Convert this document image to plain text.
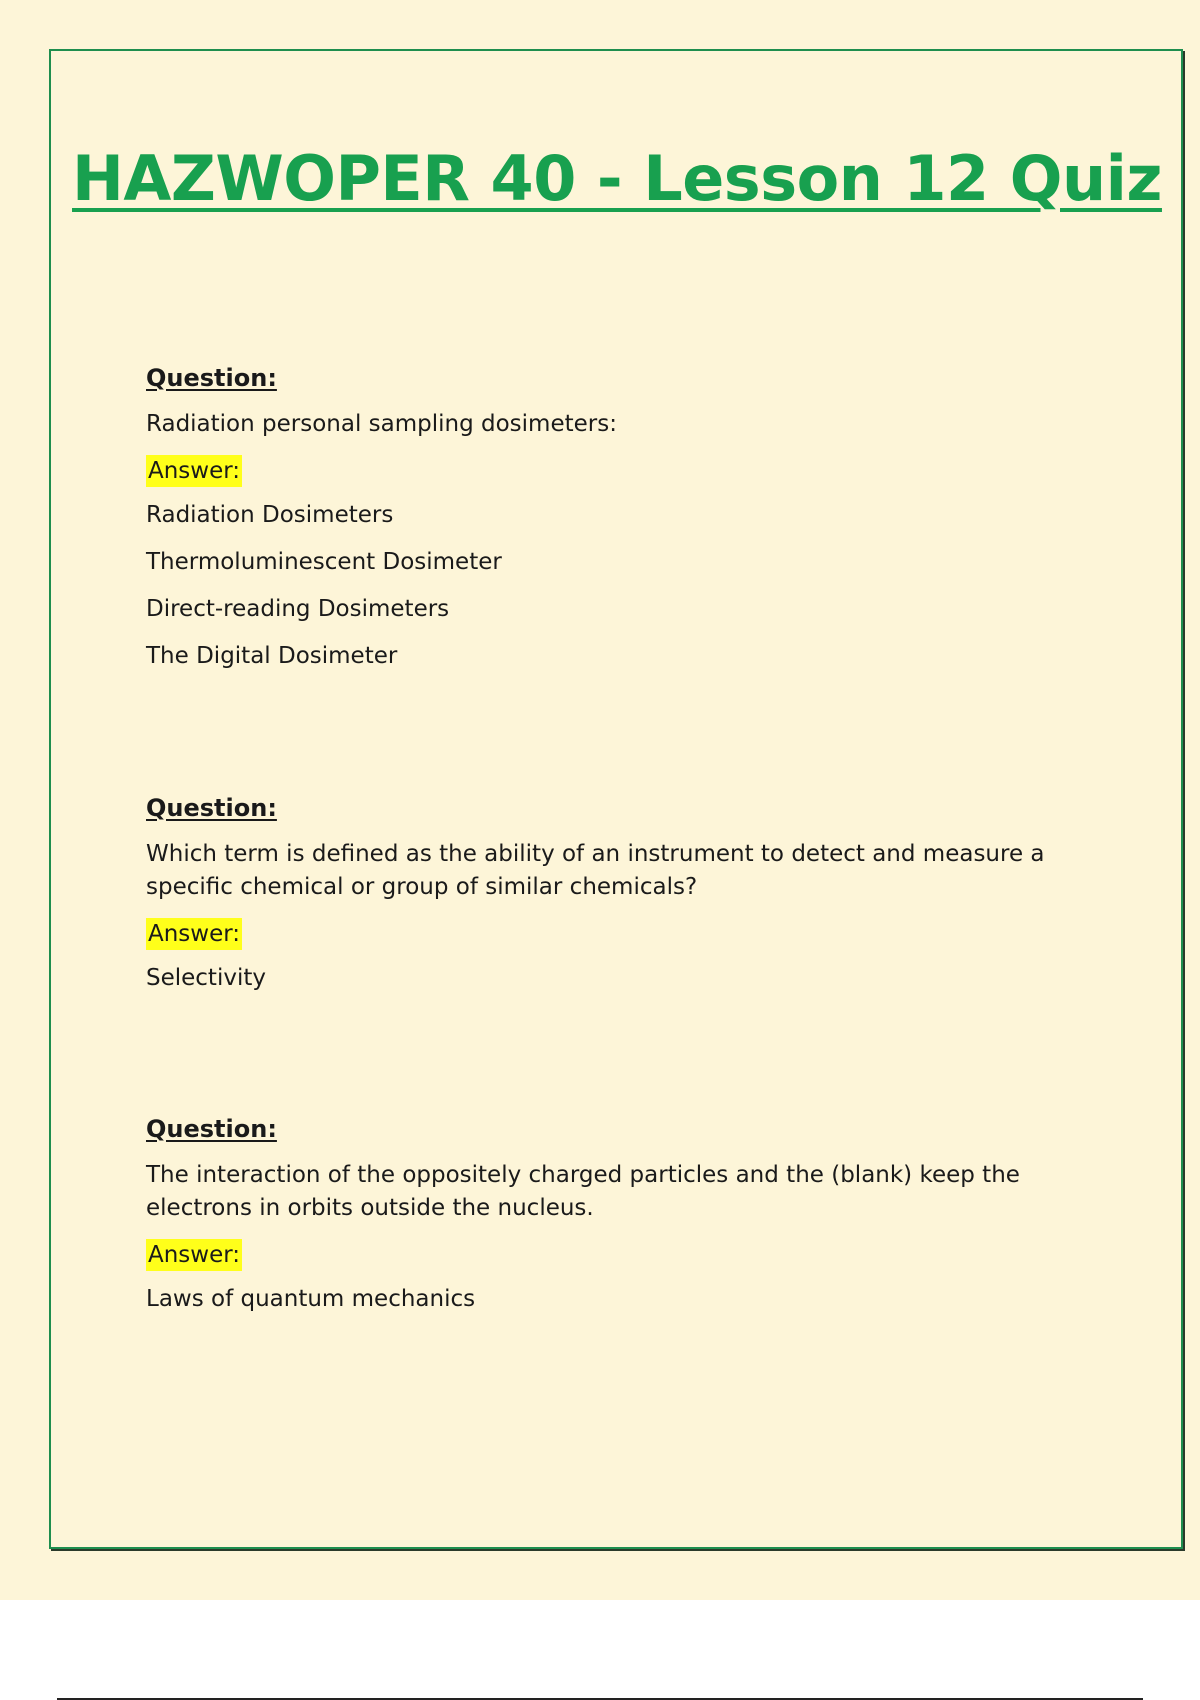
HAZWOPER 40 - Lesson 12 Quiz
Question:
Radiation personal sampling dosimeters:
Answer:
Radiation Dosimeters
Thermoluminescent Dosimeter
Direct-reading Dosimeters
The Digital Dosimeter
Question:
Which term is defined as the ability of an instrument to detect and measure a specific chemical or group of similar chemicals?
Answer:
Selectivity
Question:
The interaction of the oppositely charged particles and the (blank) keep the electrons in orbits outside the nucleus.
Answer:
Laws of quantum mechanics
